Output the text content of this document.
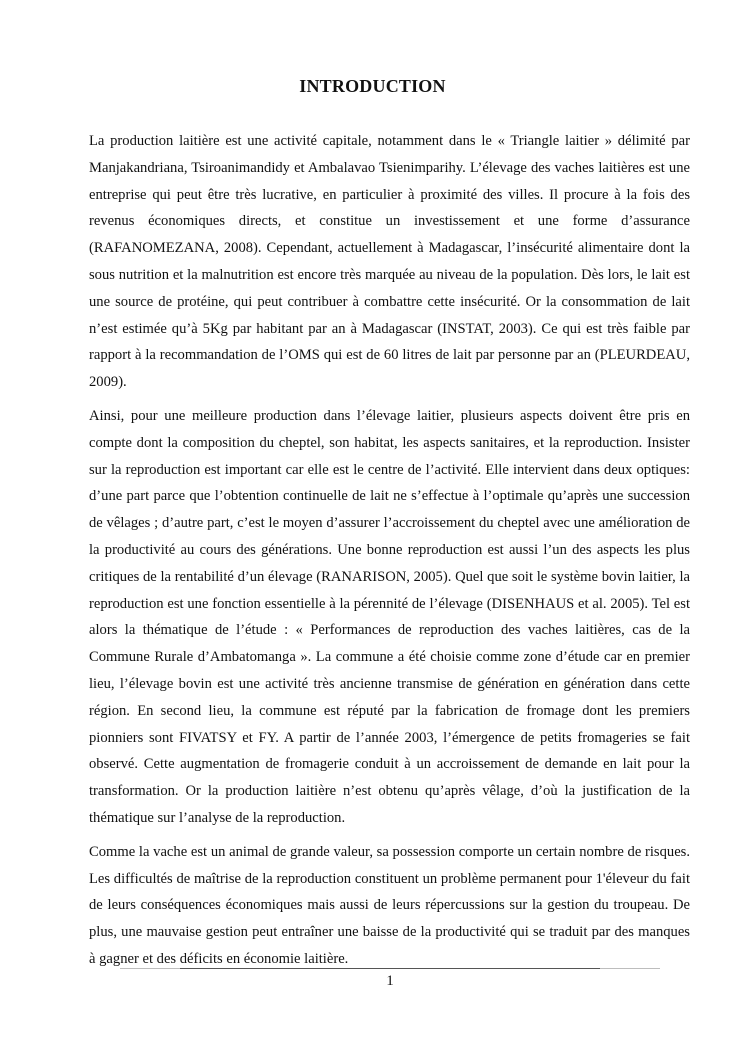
INTRODUCTION

La production laitière est une activité capitale, notamment dans le « Triangle laitier » délimité par Manjakandriana, Tsiroanimandidy et Ambalavao Tsienimparihy. L’élevage des vaches laitières est une entreprise qui peut être très lucrative, en particulier à proximité des villes. Il procure à la fois des revenus économiques directs, et constitue un investissement et une forme d’assurance (RAFANOMEZANA, 2008). Cependant, actuellement à Madagascar, l’insécurité alimentaire dont la sous nutrition et la malnutrition est encore très marquée au niveau de la population. Dès lors, le lait est une source de protéine, qui peut contribuer à combattre cette insécurité. Or la consommation de lait n’est estimée qu’à 5Kg par habitant par an à Madagascar (INSTAT, 2003). Ce qui est très faible par rapport à la recommandation de l’OMS qui est de 60 litres de lait par personne par an (PLEURDEAU, 2009).

Ainsi, pour une meilleure production dans l’élevage laitier, plusieurs aspects doivent être pris en compte dont la composition du cheptel, son habitat, les aspects sanitaires, et la reproduction. Insister sur la reproduction est important car elle est le centre de l’activité. Elle intervient dans deux optiques: d’une part parce que l’obtention continuelle de lait ne s’effectue à l’optimale qu’après une succession de vêlages ; d’autre part, c’est le moyen d’assurer l’accroissement du cheptel avec une amélioration de la productivité au cours des générations. Une bonne reproduction est aussi l’un des aspects les plus critiques de la rentabilité d’un élevage (RANARISON, 2005). Quel que soit le système bovin laitier, la reproduction est une fonction essentielle à la pérennité de l’élevage (DISENHAUS et al. 2005). Tel est alors la thématique de l’étude : « Performances de reproduction des vaches laitières, cas de la Commune Rurale d’Ambatomanga ». La commune a été choisie comme zone d’étude car en premier lieu, l’élevage bovin est une activité très ancienne transmise de génération en génération dans cette région. En second lieu, la commune est réputé par la fabrication de fromage dont les premiers pionniers sont FIVATSY et FY. A partir de l’année 2003, l’émergence de petits fromageries se fait observé. Cette augmentation de fromagerie conduit à un accroissement de demande en lait pour la transformation. Or la production laitière n’est obtenu qu’après vêlage, d’où la justification de la thématique sur l’analyse de la reproduction.

Comme la vache est un animal de grande valeur, sa possession comporte un certain nombre de risques. Les difficultés de maîtrise de la reproduction constituent un problème permanent pour 1'éleveur du fait de leurs conséquences économiques mais aussi de leurs répercussions sur la gestion du troupeau. De plus, une mauvaise gestion peut entraîner une baisse de la productivité qui se traduit par des manques à gagner et des déficits en économie laitière.

1
